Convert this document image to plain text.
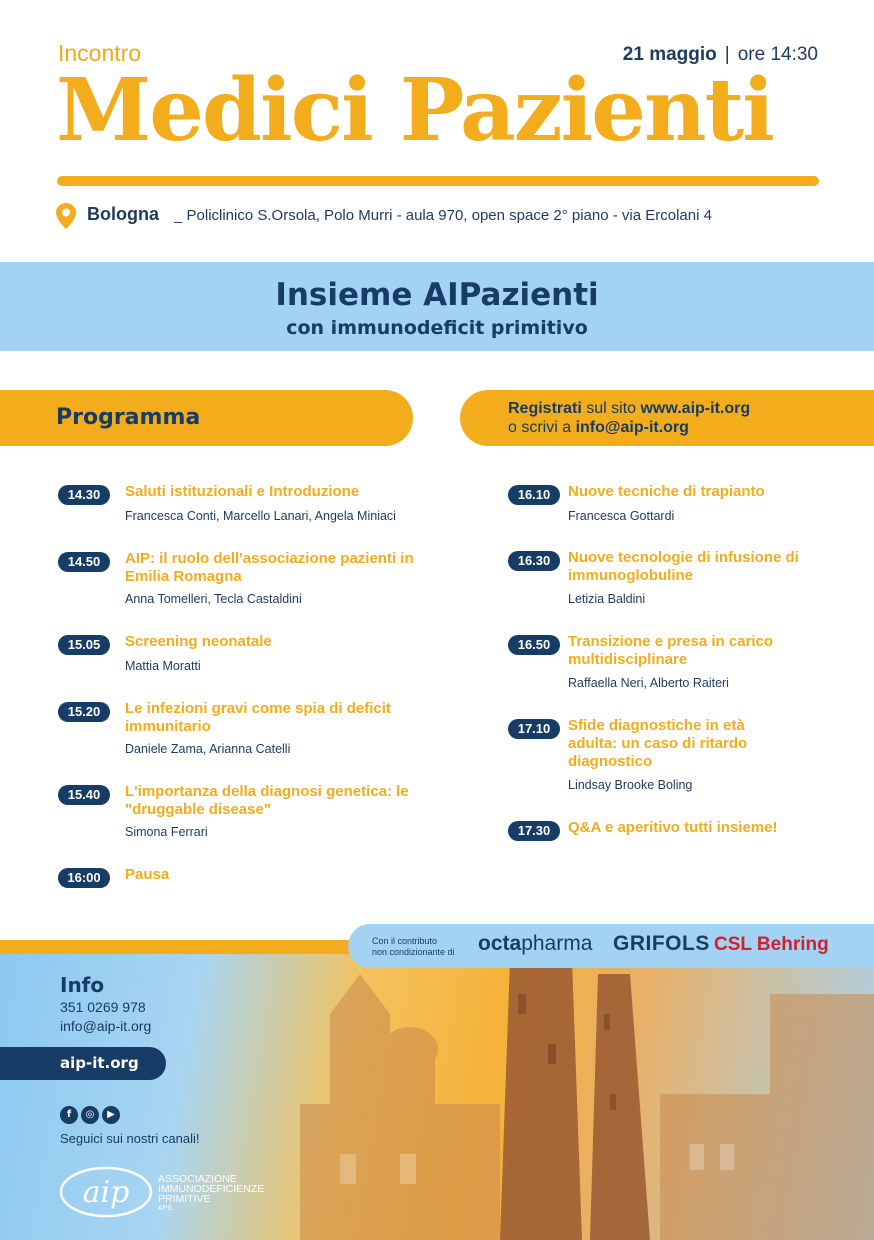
Incontro	21 maggio | ore 14:30
Medici Pazienti
Bologna _ Policlinico S.Orsola, Polo Murri - aula 970, open space 2° piano - via Ercolani 4
Insieme AIPazienti
con immunodeficit primitivo
Programma	Registrati sul sito www.aip-it.org
o scrivi a info@aip-it.org
14.30	Saluti istituzionali e Introduzione
Francesca Conti, Marcello Lanari, Angela Miniaci
14.50	AIP: il ruolo dell'associazione pazienti in Emilia Romagna
Anna Tomelleri, Tecla Castaldini
15.05	Screening neonatale
Mattia Moratti
15.20	Le infezioni gravi come spia di deficit immunitario
Daniele Zama, Arianna Catelli
15.40	L'importanza della diagnosi genetica: le "druggable disease"
Simona Ferrari
16:00	Pausa
16.10	Nuove tecniche di trapianto
Francesca Gottardi
16.30	Nuove tecnologie di infusione di immunoglobuline
Letizia Baldini
16.50	Transizione e presa in carico multidisciplinare
Raffaella Neri, Alberto Raiteri
17.10	Sfide diagnostiche in età adulta: un caso di ritardo diagnostico
Lindsay Brooke Boling
17.30	Q&A e aperitivo tutti insieme!
Con il contributo
non condizionante di octapharma GRIFOLS CSL Behring
Info
351 0269 978
info@aip-it.org
aip-it.org
f ◎ ▶
Seguici sui nostri canali!
aip	ASSOCIAZIONE
IMMUNODEFICIENZE
PRIMITIVE
APS
